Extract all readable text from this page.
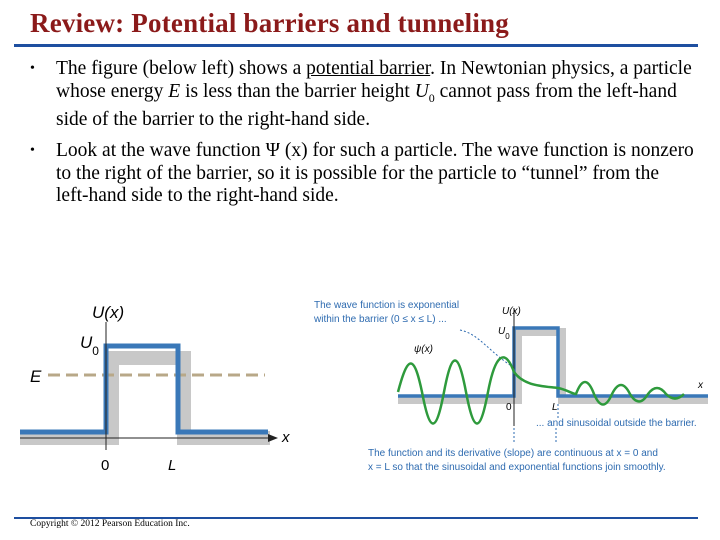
Review: Potential barriers and tunneling
• The figure (below left) shows a potential barrier. In Newtonian physics, a particle whose energy E is less than the barrier height $U_0$ cannot pass from the left-hand side of the barrier to the right-hand side.
• Look at the wave function Ψ (x) for such a particle. The wave function is nonzero to the right of the barrier, so it is possible for the particle to “tunnel” from the left-hand side to the right-hand side.
U(x)
$U_0$
E
x
0	L
The wave function is exponential
within the barrier (0 ≤ x ≤ L) ...
U(x)
$U_0$
ψ(x)
0	L
x
... and sinusoidal outside the barrier.
The function and its derivative (slope) are continuous at x = 0 and
x = L so that the sinusoidal and exponential functions join smoothly.
Copyright © 2012 Pearson Education Inc.
